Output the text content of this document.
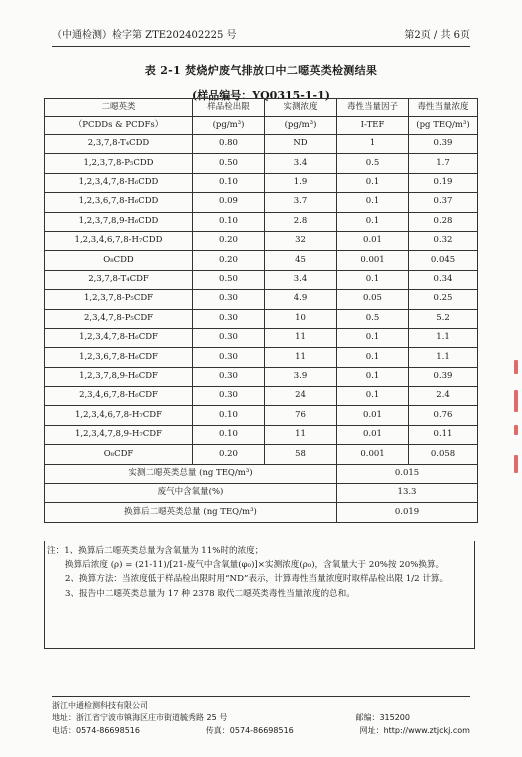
（中通检测）检字第 ZTE202402225 号	第2页 / 共 6页
表 2-1 焚烧炉废气排放口中二噁英类检测结果
(样品编号：YQ0315-1-1)
二噁英类	样品检出限	实测浓度	毒性当量因子	毒性当量浓度
（PCDDs & PCDFs）	(pg/m³)	(pg/m³)	I-TEF	(pg TEQ/m³)
2,3,7,8-T₄CDD	0.80	ND	1	0.39
1,2,3,7,8-P₅CDD	0.50	3.4	0.5	1.7
1,2,3,4,7,8-H₆CDD	0.10	1.9	0.1	0.19
1,2,3,6,7,8-H₆CDD	0.09	3.7	0.1	0.37
1,2,3,7,8,9-H₆CDD	0.10	2.8	0.1	0.28
1,2,3,4,6,7,8-H₇CDD	0.20	32	0.01	0.32
O₈CDD	0.20	45	0.001	0.045
2,3,7,8-T₄CDF	0.50	3.4	0.1	0.34
1,2,3,7,8-P₅CDF	0.30	4.9	0.05	0.25
2,3,4,7,8-P₅CDF	0.30	10	0.5	5.2
1,2,3,4,7,8-H₆CDF	0.30	11	0.1	1.1
1,2,3,6,7,8-H₆CDF	0.30	11	0.1	1.1
1,2,3,7,8,9-H₆CDF	0.30	3.9	0.1	0.39
2,3,4,6,7,8-H₆CDF	0.30	24	0.1	2.4
1,2,3,4,6,7,8-H₇CDF	0.10	76	0.01	0.76
1,2,3,4,7,8,9-H₇CDF	0.10	11	0.01	0.11
O₈CDF	0.20	58	0.001	0.058
实测二噁英类总量 (ng TEQ/m³)			0.015	
废气中含氧量(%)			13.3	
换算后二噁英类总量 (ng TEQ/m³)			0.019	

注：1、换算后二噁英类总量为含氧量为 11%时的浓度；

换算后浓度 (ρ) = (21-11)/[21-废气中含氧量(φ₀)]×实测浓度(ρ₀)，含氧量大于 20%按 20%换算。

2、换算方法：当浓度低于样品检出限时用“ND”表示，计算毒性当量浓度时取样品检出限 1/2 计算。

3、报告中二噁英类总量为 17 种 2378 取代二噁英类毒性当量浓度的总和。

浙江中通检测科技有限公司
地址：浙江省宁波市镇海区庄市街道毓秀路 25 号	邮编：315200
电话：0574-86698516	传真：0574-86698516	网址：http://www.ztjckj.com
